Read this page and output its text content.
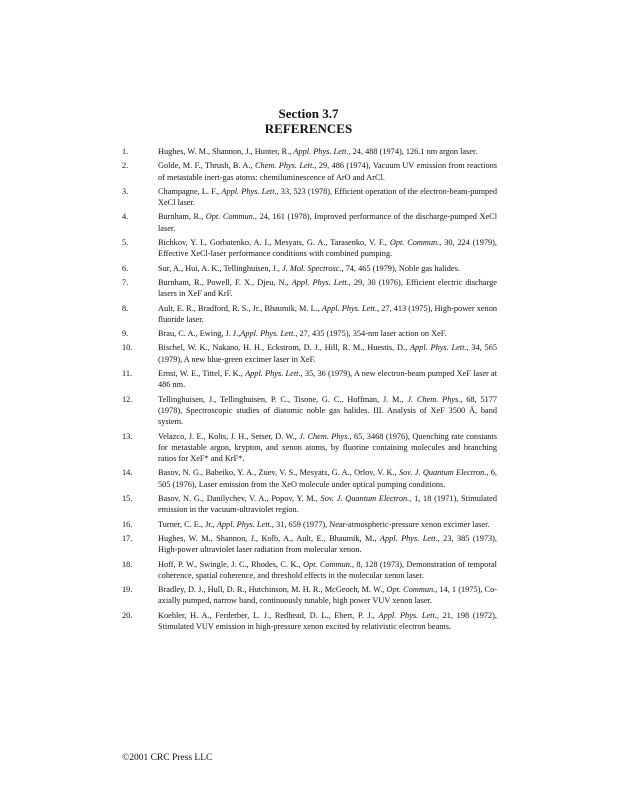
Section 3.7
REFERENCES
1.	Hughes, W. M., Shannon, J., Hunter, R., Appl. Phys. Lett., 24, 488 (1974), 126.1 nm argon laser.
2.	Golde, M. F., Thrush, B. A., Chem. Phys. Lett., 29, 486 (1974), Vacuum UV emission from reactions of metastable inert-gas atoms: chemiluminescence of ArO and ArCl.
3.	Champagne, L. F., Appl. Phys. Lett., 33, 523 (1978), Efficient operation of the electron-beam-pumped XeCl laser.
4.	Burnham, R., Opt. Commun., 24, 161 (1978), Improved performance of the discharge-pumped XeCl laser.
5.	Bichkov, Y. I., Gorbatenko, A. I., Mesyats, G. A., Tarasenko, V. F., Opt. Commun., 30, 224 (1979), Effective XeCl-laser performance conditions with combined pumping.
6.	Sur, A., Hui, A. K., Tellinghuisen, J., J. Mol. Spectrosc., 74, 465 (1979), Noble gas halides.
7.	Burnham, R., Powell, F. X., Djeu, N., Appl. Phys. Lett., 29, 30 (1976), Efficient electric discharge lasers in XeF and KrF.
8.	Ault, E. R., Bradford, R. S., Jr., Bhaumik, M. L., Appl. Phys. Lett., 27, 413 (1975), High-power xenon fluoride laser.
9.	Brau, C. A., Ewing, J. J.,Appl. Phys. Lett., 27, 435 (1975), 354-nm laser action on XeF.
10.	Bischel, W. K., Nakano, H. H., Eckstrom, D. J., Hill, R. M., Huestis, D., Appl. Phys. Lett., 34, 565 (1979), A new blue-green excimer laser in XeF.
11.	Ernst, W. E., Tittel, F. K., Appl. Phys. Lett., 35, 36 (1979), A new electron-beam pumped XeF laser at 486 nm.
12.	Tellinghuisen, J., Tellinghuisen, P. C., Tisone, G. C., Hoffman, J. M., J. Chem. Phys., 68, 5177 (1978), Spectroscopic studies of diatomic noble gas halides. III. Analysis of XeF 3500 Å, band system.
13.	Velazco, J. E., Kolts, J. H., Setser, D. W., J. Chem. Phys., 65, 3468 (1976), Quenching rate constants for metastable argon, krypton, and xenon atoms, by fluorine containing molecules and branching ratios for XeF* and KrF*.
14.	Basov, N. G., Babeiko, Y. A., Zuev, V. S., Mesyats, G. A., Orlov, V. K., Sov. J. Quantum Electron., 6, 505 (1976), Laser emission from the XeO molecule under optical pumping conditions.
15.	Basov, N. G., Danilychev, V. A., Popov, Y. M., Sov. J. Quantum Electron., 1, 18 (1971), Stimulated emission in the vacuum-ultraviolet region.
16.	Turner, C. E., Jr., Appl. Phys. Lett., 31, 659 (1977), Near-atmospheric-pressure xenon excimer laser.
17.	Hughes, W. M., Shannon, J., Kolb, A., Ault, E., Bhaumik, M., Appl. Phys. Lett., 23, 385 (1973), High-power ultraviolet laser radiation from molecular xenon.
18.	Hoff, P. W., Swingle, J. C., Rhodes, C. K., Opt. Commun., 8, 128 (1973), Demonstration of temporal coherence, spatial coherence, and threshold effects in the molecular xenon laser.
19.	Bradley, D. J., Hull, D. R., Hutchinson, M. H. R., McGeoch, M. W., Opt. Commun., 14, 1 (1975), Co-axially pumped, narrow band, continuously tunable, high power VUV xenon laser.
20.	Koehler, H. A., Ferderber, L. J., Redhead, D. L., Ebert, P. J., Appl. Phys. Lett., 21, 198 (1972), Stimulated VUV emission in high-pressure xenon excited by relativistic electron beams.
©2001 CRC Press LLC
